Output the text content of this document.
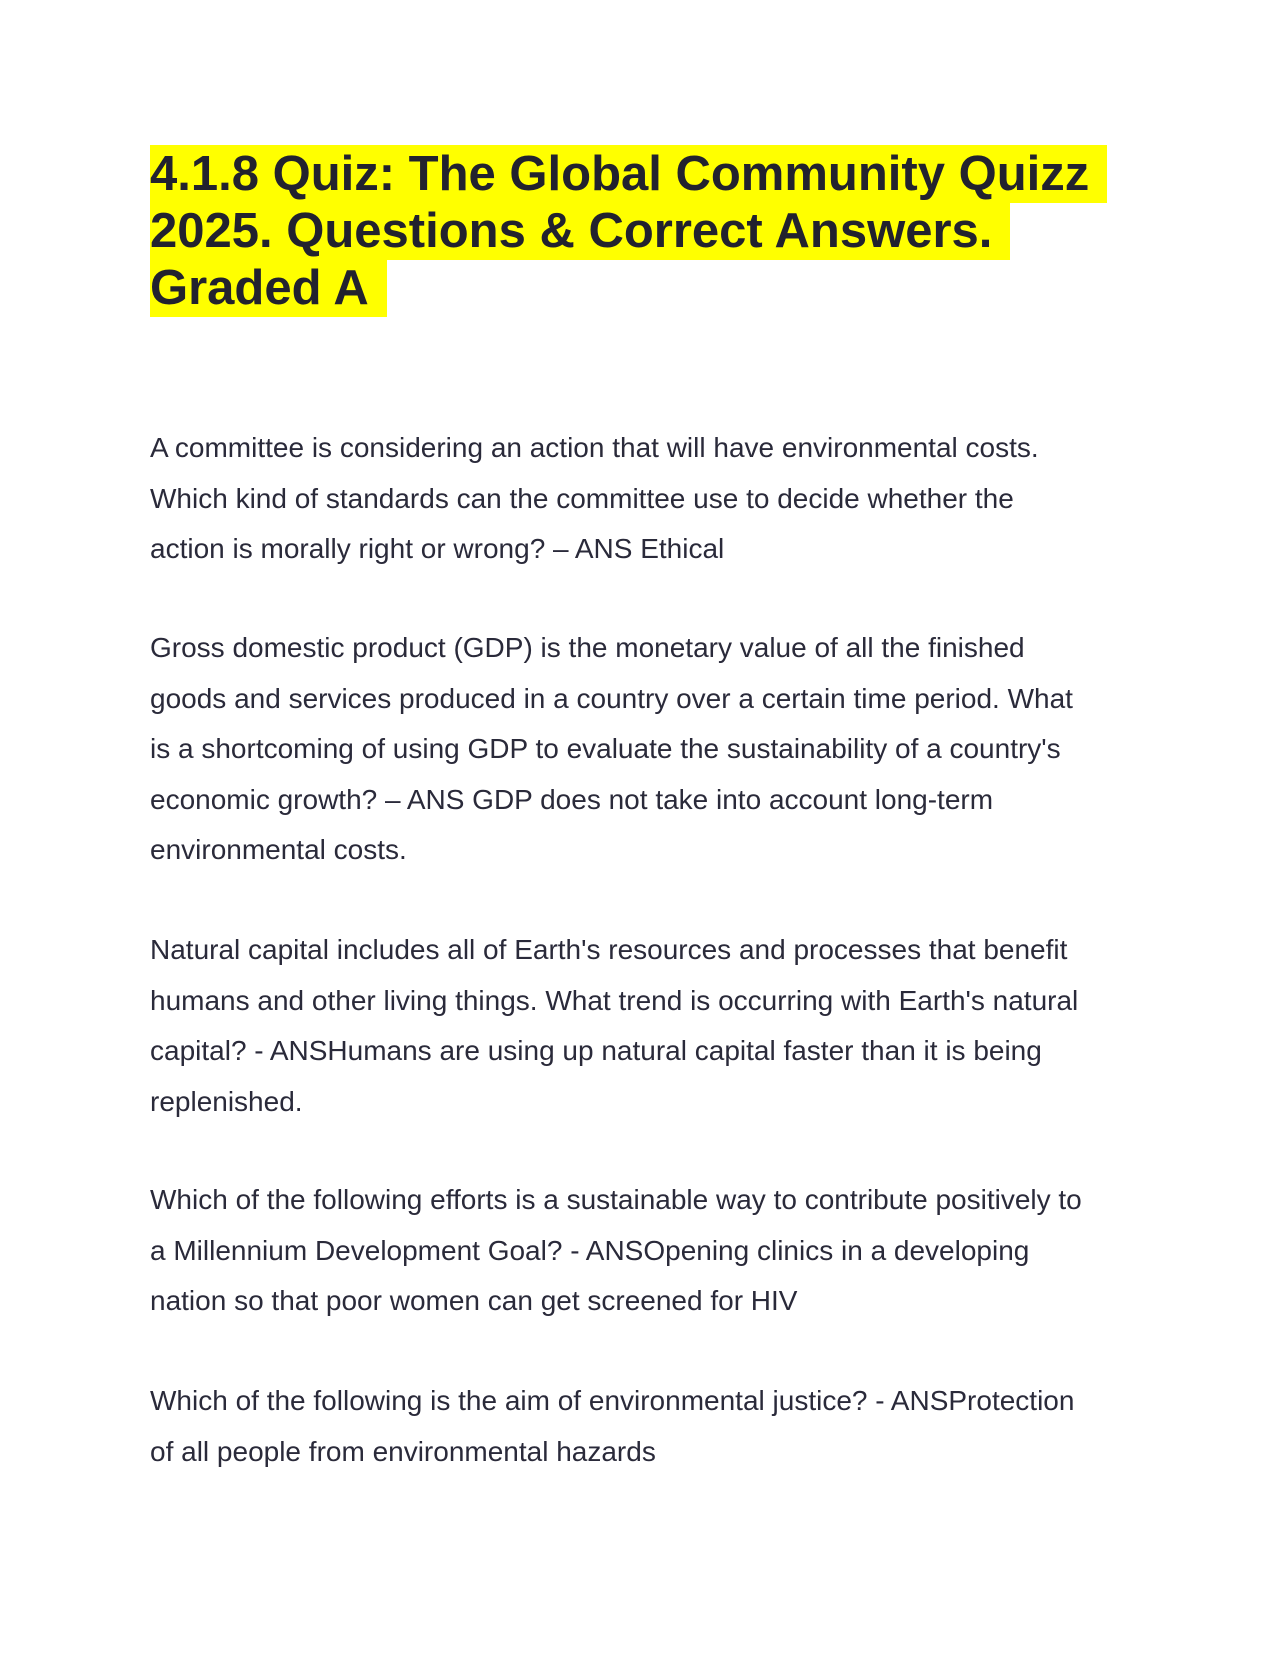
4.1.8 Quiz: The Global Community Quizz
2025. Questions & Correct Answers.
Graded A

A committee is considering an action that will have environmental costs.
Which kind of standards can the committee use to decide whether the
action is morally right or wrong? – ANS Ethical

Gross domestic product (GDP) is the monetary value of all the finished
goods and services produced in a country over a certain time period. What
is a shortcoming of using GDP to evaluate the sustainability of a country's
economic growth? – ANS GDP does not take into account long-term
environmental costs.

Natural capital includes all of Earth's resources and processes that benefit
humans and other living things. What trend is occurring with Earth's natural
capital? - ANSHumans are using up natural capital faster than it is being
replenished.

Which of the following efforts is a sustainable way to contribute positively to
a Millennium Development Goal? - ANSOpening clinics in a developing
nation so that poor women can get screened for HIV

Which of the following is the aim of environmental justice? - ANSProtection
of all people from environmental hazards
